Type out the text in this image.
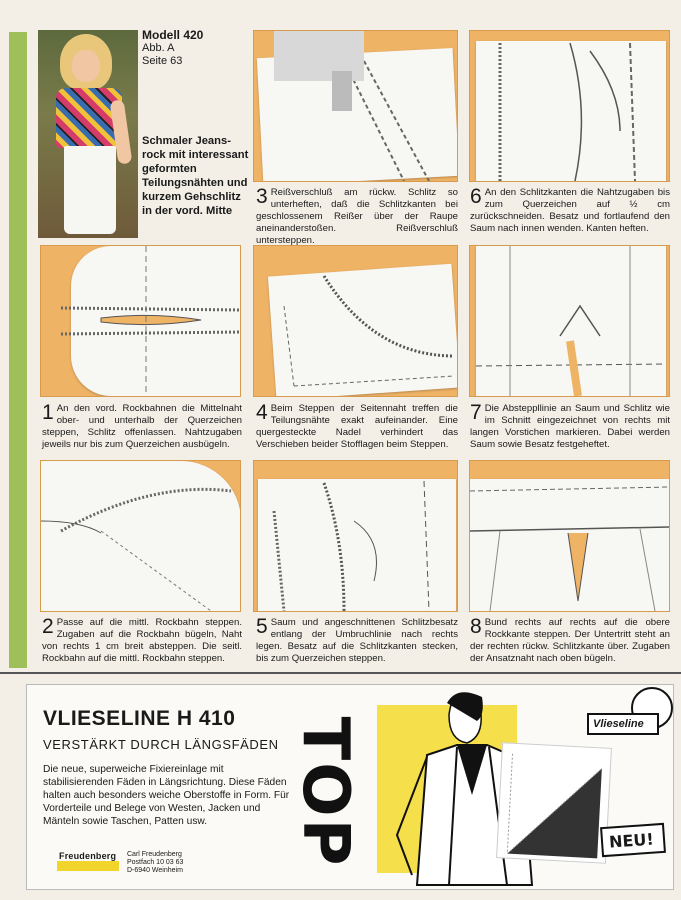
Modell 420
Abb. A
Seite 63
Schmaler Jeans-rock mit interessant geformten Teilungsnähten und kurzem Gehschlitz in der vord. Mitte
3 Reißverschluß am rückw. Schlitz so unterheften, daß die Schlitzkanten bei geschlossenem Reißer über der Raupe aneinanderstoßen. Reißverschluß untersteppen.
6 An den Schlitzkanten die Nahtzugaben bis zum Querzeichen auf ½ cm zurückschneiden. Besatz und fortlaufend den Saum nach innen wenden. Kanten heften.
1 An den vord. Rockbahnen die Mittelnaht ober- und unterhalb der Querzeichen steppen, Schlitz offenlassen. Nahtzugaben jeweils nur bis zum Querzeichen ausbügeln.
4 Beim Steppen der Seitennaht treffen die Teilungsnähte exakt aufeinander. Eine quergesteckte Nadel verhindert das Verschieben beider Stofflagen beim Steppen.
7 Die Absteppllinie an Saum und Schlitz wie im Schnitt eingezeichnet von rechts mit langen Vorstichen markieren. Dabei werden Saum sowie Besatz festgeheftet.
2 Passe auf die mittl. Rockbahn steppen. Zugaben auf die Rockbahn bügeln, Naht von rechts 1 cm breit absteppen. Die seitl. Rockbahn auf die mittl. Rockbahn steppen.
5 Saum und angeschnittenen Schlitzbesatz entlang der Umbruchlinie nach rechts legen. Besatz auf die Schlitzkanten stecken, bis zum Querzeichen steppen.
8 Bund rechts auf rechts auf die obere Rockkante steppen. Der Untertritt steht an der rechten rückw. Schlitzkante über. Zugaben der Ansatznaht nach oben bügeln.
VLIESELINE H 410
VERSTÄRKT DURCH LÄNGSFÄDEN
Die neue, superweiche Fixiereinlage mit stabilisierenden Fäden in Längsrichtung. Diese Fäden halten auch besonders weiche Oberstoffe in Form. Für Vorderteile und Belege von Westen, Jacken und Mänteln sowie Taschen, Patten usw.
Freudenberg Carl Freudenberg
Postfach 10 03 63
D-6940 Weinheim
TOP	Vlieseline
NEU!
